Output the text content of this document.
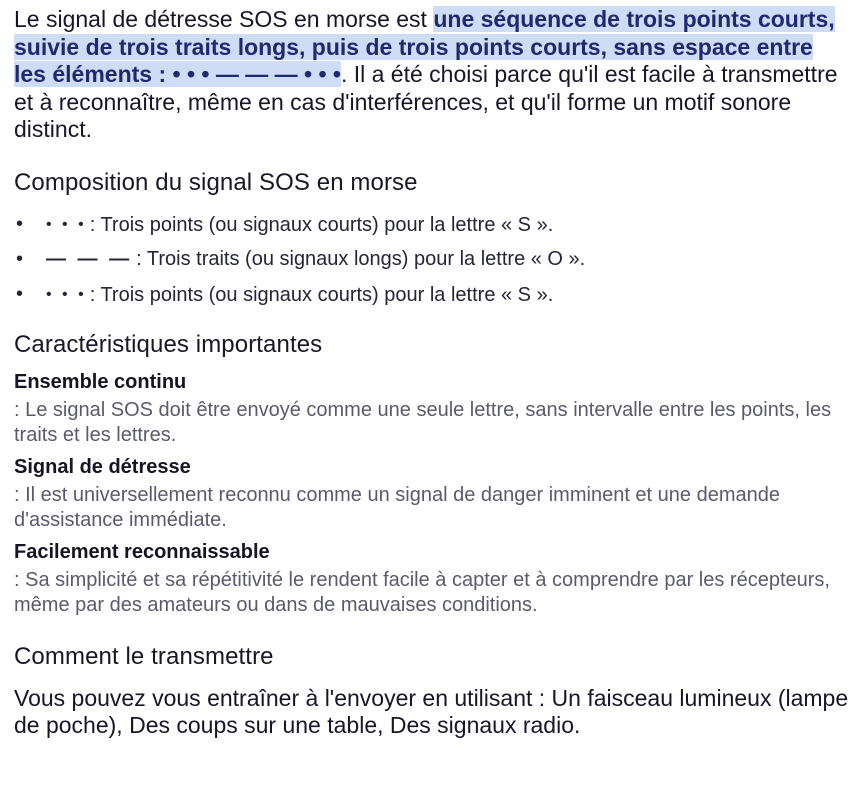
Le signal de détresse SOS en morse est une séquence de trois points courts, suivie de trois traits longs, puis de trois points courts, sans espace entre les éléments : • • • — — — • • •. Il a été choisi parce qu'il est facile à transmettre et à reconnaître, même en cas d'interférences, et qu'il forme un motif sonore distinct.

Composition du signal SOS en morse
• • • • : Trois points (ou signaux courts) pour la lettre « S ».
• — — — : Trois traits (ou signaux longs) pour la lettre « O ».
• • • • : Trois points (ou signaux courts) pour la lettre « S ».
Caractéristiques importantes
Ensemble continu

: Le signal SOS doit être envoyé comme une seule lettre, sans intervalle entre les points, les traits et les lettres.

Signal de détresse

: Il est universellement reconnu comme un signal de danger imminent et une demande d'assistance immédiate.

Facilement reconnaissable

: Sa simplicité et sa répétitivité le rendent facile à capter et à comprendre par les récepteurs, même par des amateurs ou dans de mauvaises conditions.

Comment le transmettre

Vous pouvez vous entraîner à l'envoyer en utilisant : Un faisceau lumineux (lampe de poche), Des coups sur une table, Des signaux radio.
